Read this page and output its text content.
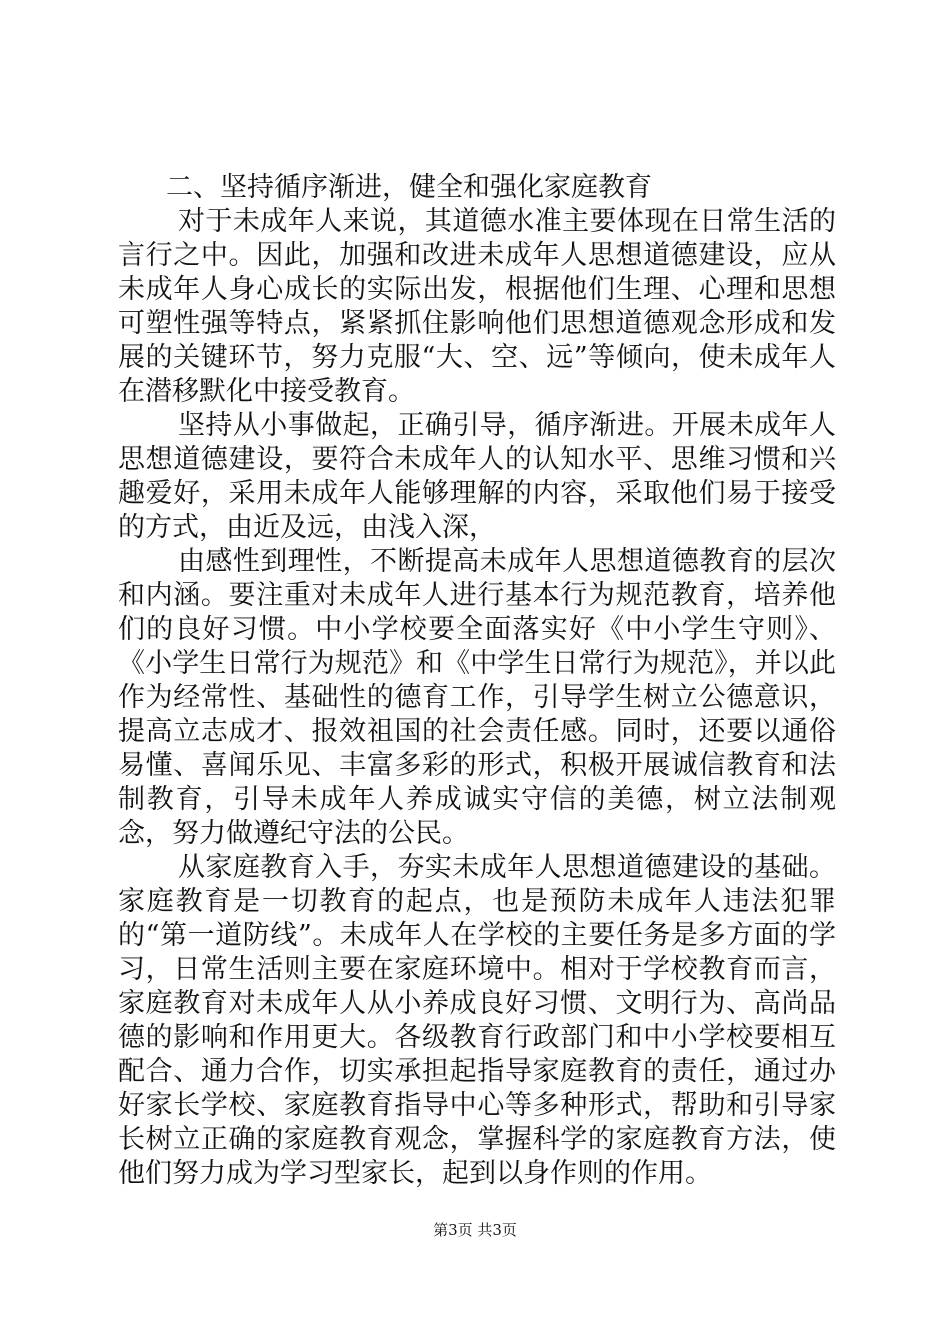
二、坚持循序渐进，健全和强化家庭教育

对于未成年人来说，其道德水准主要体现在日常生活的言行之中。因此，加强和改进未成年人思想道德建设，应从未成年人身心成长的实际出发，根据他们生理、心理和思想可塑性强等特点，紧紧抓住影响他们思想道德观念形成和发展的关键环节，努力克服“大、空、远”等倾向，使未成年人在潜移默化中接受教育。

坚持从小事做起，正确引导，循序渐进。开展未成年人思想道德建设，要符合未成年人的认知水平、思维习惯和兴趣爱好，采用未成年人能够理解的内容，采取他们易于接受的方式，由近及远，由浅入深，

由感性到理性，不断提高未成年人思想道德教育的层次和内涵。要注重对未成年人进行基本行为规范教育，培养他们的良好习惯。中小学校要全面落实好《中小学生守则》、《小学生日常行为规范》和《中学生日常行为规范》，并以此作为经常性、基础性的德育工作，引导学生树立公德意识，提高立志成才、报效祖国的社会责任感。同时，还要以通俗易懂、喜闻乐见、丰富多彩的形式，积极开展诚信教育和法制教育，引导未成年人养成诚实守信的美德，树立法制观念，努力做遵纪守法的公民。

从家庭教育入手，夯实未成年人思想道德建设的基础。家庭教育是一切教育的起点，也是预防未成年人违法犯罪的“第一道防线”。未成年人在学校的主要任务是多方面的学习，日常生活则主要在家庭环境中。相对于学校教育而言，家庭教育对未成年人从小养成良好习惯、文明行为、高尚品德的影响和作用更大。各级教育行政部门和中小学校要相互配合、通力合作，切实承担起指导家庭教育的责任，通过办好家长学校、家庭教育指导中心等多种形式，帮助和引导家长树立正确的家庭教育观念，掌握科学的家庭教育方法，使他们努力成为学习型家长，起到以身作则的作用。

第3页 共3页
